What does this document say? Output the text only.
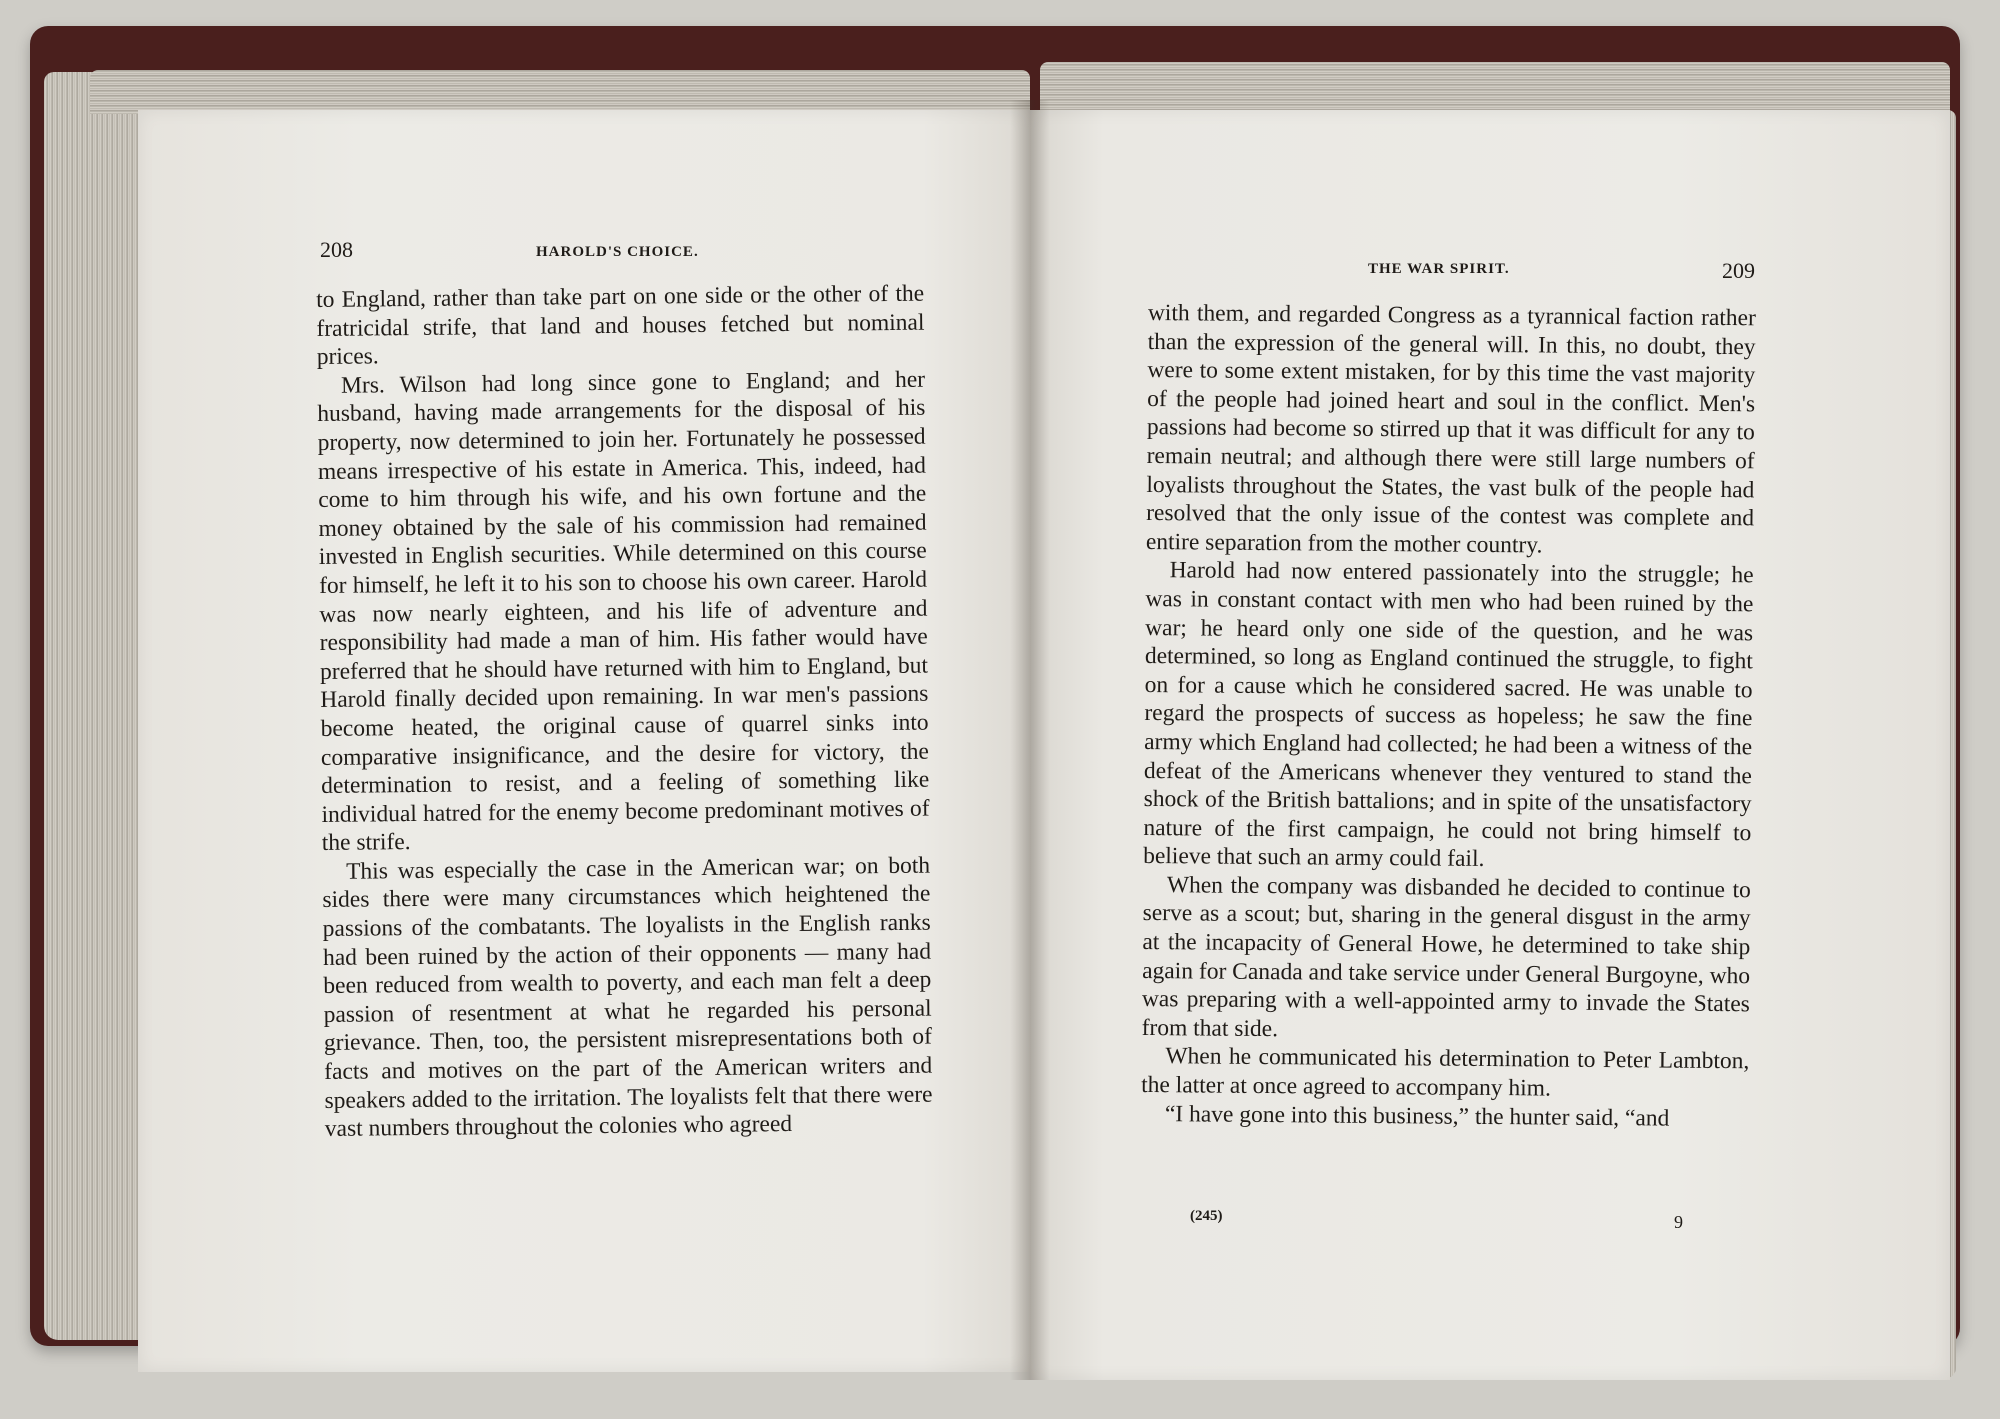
208	HAROLD'S CHOICE.

to England, rather than take part on one side or the other of the fratricidal strife, that land and houses fetched but nominal prices.

Mrs. Wilson had long since gone to England; and her husband, having made arrangements for the disposal of his property, now determined to join her. Fortunately he possessed means irrespective of his estate in America. This, indeed, had come to him through his wife, and his own fortune and the money obtained by the sale of his commission had remained invested in English securities. While determined on this course for himself, he left it to his son to choose his own career. Harold was now nearly eighteen, and his life of adventure and responsibility had made a man of him. His father would have preferred that he should have returned with him to England, but Harold finally decided upon remaining. In war men's passions become heated, the original cause of quarrel sinks into comparative insignificance, and the desire for victory, the determination to resist, and a feeling of something like individual hatred for the enemy become predominant motives of the strife.

This was especially the case in the American war; on both sides there were many circumstances which heightened the passions of the combatants. The loyalists in the English ranks had been ruined by the action of their opponents — many had been reduced from wealth to poverty, and each man felt a deep passion of resentment at what he regarded his personal grievance. Then, too, the persistent misrepresentations both of facts and motives on the part of the American writers and speakers added to the irritation. The loyalists felt that there were vast numbers throughout the colonies who agreed

THE WAR SPIRIT.	209

with them, and regarded Congress as a tyrannical faction rather than the expression of the general will. In this, no doubt, they were to some extent mistaken, for by this time the vast majority of the people had joined heart and soul in the conflict. Men's passions had become so stirred up that it was difficult for any to remain neutral; and although there were still large numbers of loyalists throughout the States, the vast bulk of the people had resolved that the only issue of the contest was complete and entire separation from the mother country.

Harold had now entered passionately into the struggle; he was in constant contact with men who had been ruined by the war; he heard only one side of the question, and he was determined, so long as England continued the struggle, to fight on for a cause which he considered sacred. He was unable to regard the prospects of success as hopeless; he saw the fine army which England had collected; he had been a witness of the defeat of the Americans whenever they ventured to stand the shock of the British battalions; and in spite of the unsatisfactory nature of the first campaign, he could not bring himself to believe that such an army could fail.

When the company was disbanded he decided to continue to serve as a scout; but, sharing in the general disgust in the army at the incapacity of General Howe, he determined to take ship again for Canada and take service under General Burgoyne, who was preparing with a well-appointed army to invade the States from that side.

When he communicated his determination to Peter Lambton, the latter at once agreed to accompany him.

“I have gone into this business,” the hunter said, “and

(245)	9
